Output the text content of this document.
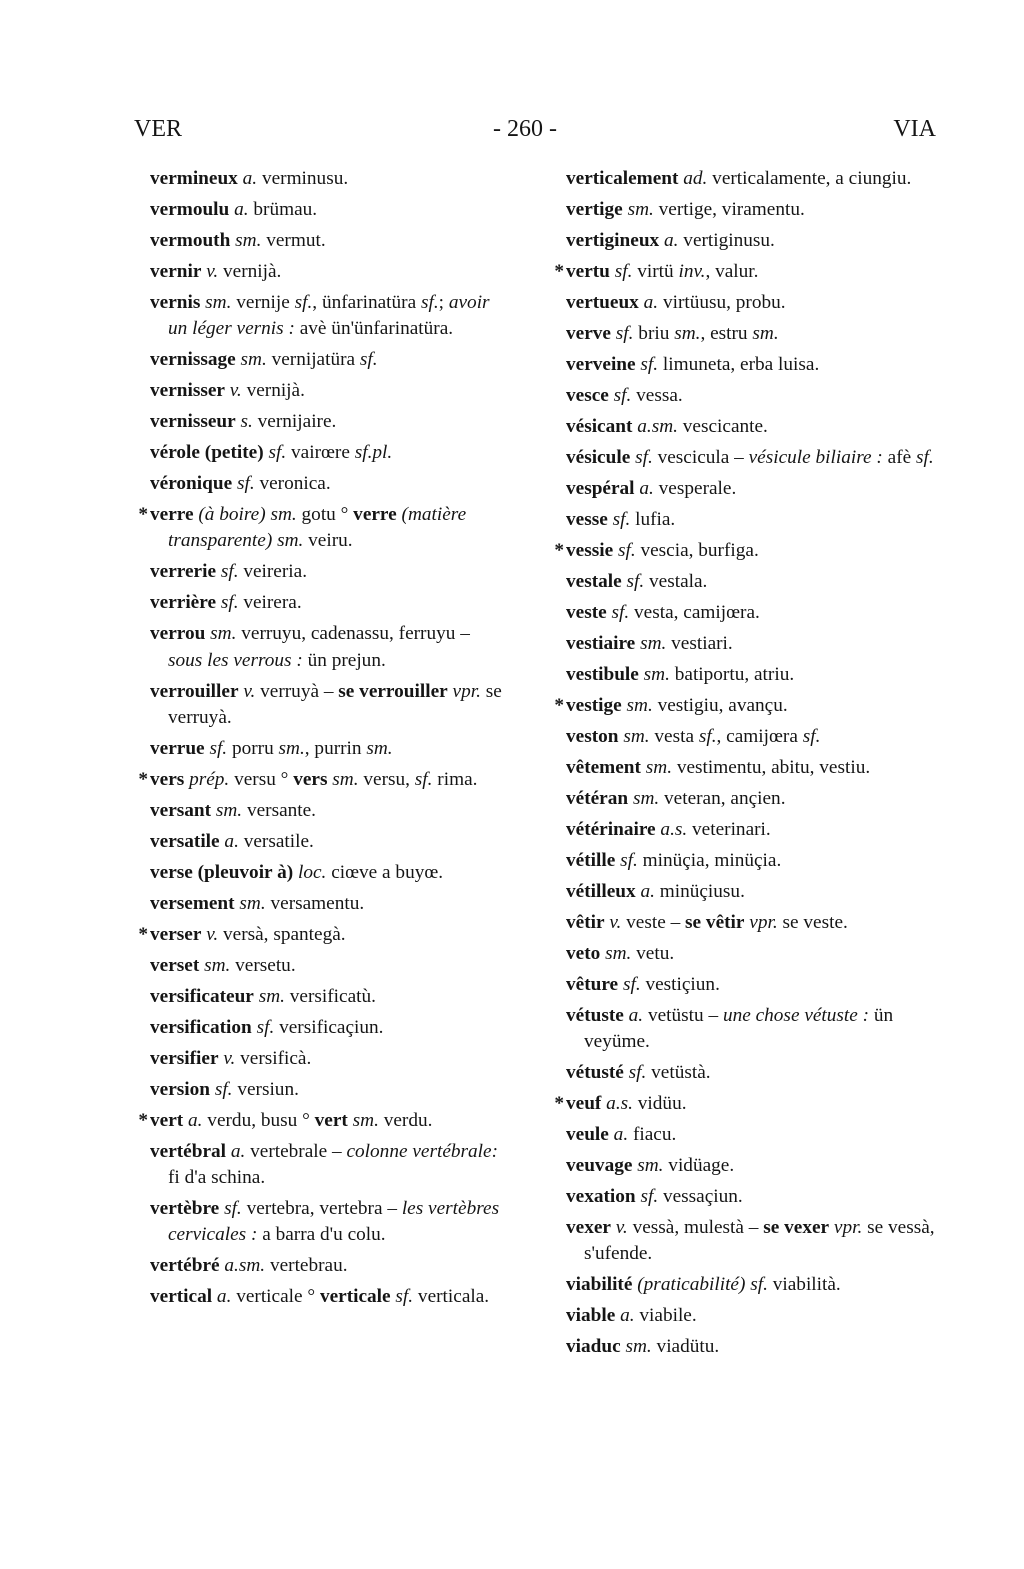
VER	- 260 -	VIA
vermineux a. verminusu.
vermoulu a. brümau.
vermouth sm. vermut.
vernir v. vernijà.
vernis sm. vernije sf., ünfarinatüra sf.; avoir un léger vernis : avè ün'ünfarinatüra.
vernissage sm. vernijatüra sf.
vernisser v. vernijà.
vernisseur s. vernijaire.
vérole (petite) sf. vairœre sf.pl.
véronique sf. veronica.
* verre (à boire) sm. gotu ° verre (matière transparente) sm. veiru.
verrerie sf. veireria.
verrière sf. veirera.
verrou sm. verruyu, cadenassu, ferruyu – sous les verrous : ün prejun.
verrouiller v. verruyà – se verrouiller vpr. se verruyà.
verrue sf. porru sm., purrin sm.
* vers prép. versu ° vers sm. versu, sf. rima.
versant sm. versante.
versatile a. versatile.
verse (pleuvoir à) loc. ciœve a buyœ.
versement sm. versamentu.
* verser v. versà, spantegà.
verset sm. versetu.
versificateur sm. versificatù.
versification sf. versificaçiun.
versifier v. versificà.
version sf. versiun.
* vert a. verdu, busu ° vert sm. verdu.
vertébral a. vertebrale – colonne vertébrale: fi d'a schina.
vertèbre sf. vertebra, vertebra – les vertèbres cervicales : a barra d'u colu.
vertébré a.sm. vertebrau.
vertical a. verticale ° verticale sf. verticala.
verticalement ad. verticalamente, a ciungiu.
vertige sm. vertige, viramentu.
vertigineux a. vertiginusu.
* vertu sf. virtü inv., valur.
vertueux a. virtüusu, probu.
verve sf. briu sm., estru sm.
verveine sf. limuneta, erba luisa.
vesce sf. vessa.
vésicant a.sm. vescicante.
vésicule sf. vescicula – vésicule biliaire : afè sf.
vespéral a. vesperale.
vesse sf. lufia.
* vessie sf. vescia, burfiga.
vestale sf. vestala.
veste sf. vesta, camijœra.
vestiaire sm. vestiari.
vestibule sm. batiportu, atriu.
* vestige sm. vestigiu, avançu.
veston sm. vesta sf., camijœra sf.
vêtement sm. vestimentu, abitu, vestiu.
vétéran sm. veteran, ançien.
vétérinaire a.s. veterinari.
vétille sf. minüçia, minüçia.
vétilleux a. minüçiusu.
vêtir v. veste – se vêtir vpr. se veste.
veto sm. vetu.
vêture sf. vestiçiun.
vétuste a. vetüstu – une chose vétuste : ün veyüme.
vétusté sf. vetüstà.
* veuf a.s. vidüu.
veule a. fiacu.
veuvage sm. vidüage.
vexation sf. vessaçiun.
vexer v. vessà, mulestà – se vexer vpr. se vessà, s'ufende.
viabilité (praticabilité) sf. viabilità.
viable a. viabile.
viaduc sm. viadütu.
